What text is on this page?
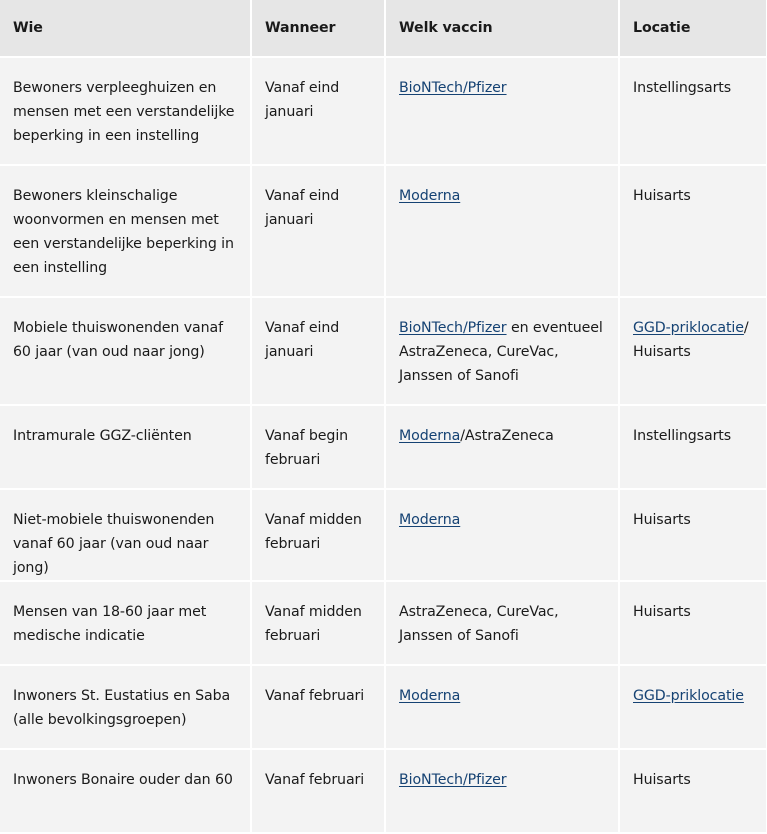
Wie	Wanneer	Welk vaccin	Locatie
Bewoners verpleeghuizen en mensen met een verstandelijke beperking in een instelling	Vanaf eind januari	BioNTech/Pfizer	Instellingsarts
Bewoners kleinschalige woonvormen en mensen met een verstandelijke beperking in een instelling	Vanaf eind januari	Moderna	Huisarts
Mobiele thuiswonenden vanaf 60 jaar (van oud naar jong)	Vanaf eind januari	BioNTech/Pfizer en eventueel AstraZeneca, CureVac, Janssen of Sanofi	GGD-priklocatie/ Huisarts
Intramurale GGZ-cliënten	Vanaf begin februari	Moderna/AstraZeneca	Instellingsarts
Niet-mobiele thuiswonenden vanaf 60 jaar (van oud naar jong)	Vanaf midden februari	Moderna	Huisarts
Mensen van 18-60 jaar met medische indicatie	Vanaf midden februari	AstraZeneca, CureVac, Janssen of Sanofi	Huisarts
Inwoners St. Eustatius en Saba (alle bevolkingsgroepen)	Vanaf februari	Moderna	GGD-priklocatie
Inwoners Bonaire ouder dan 60	Vanaf februari	BioNTech/Pfizer	Huisarts
